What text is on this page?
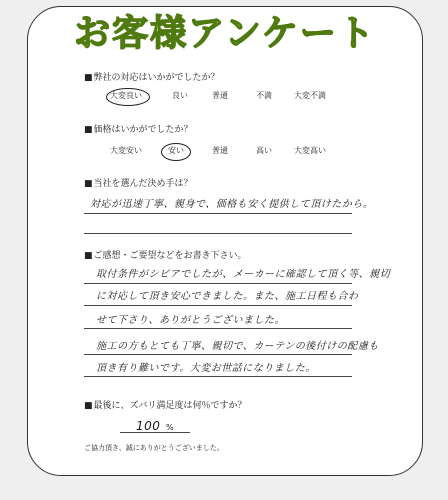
お客様アンケート
■弊社の対応はいかがでしたか？
大変良い	良い	普通	不満	大変不満
■価格はいかがでしたか？
大変安い	安い	普通	高い	大変高い
■当社を選んだ決め手は？
対応が迅速丁寧、親身で、価格も安く提供して頂けたから。
■ご感想・ご要望などをお書き下さい。
取付条件がシビアでしたが、メーカーに確認して頂く等、親切
に対応して頂き安心できました。また、施工日程も合わ
せて下さり、ありがとうございました。
施工の方もとても丁寧、親切で、カーテンの後付けの配慮も
頂き有り難いです。大変お世話になりました。
■最後に、ズバリ満足度は何％ですか？
100 %
ご協力頂き、誠にありがとうございました。
